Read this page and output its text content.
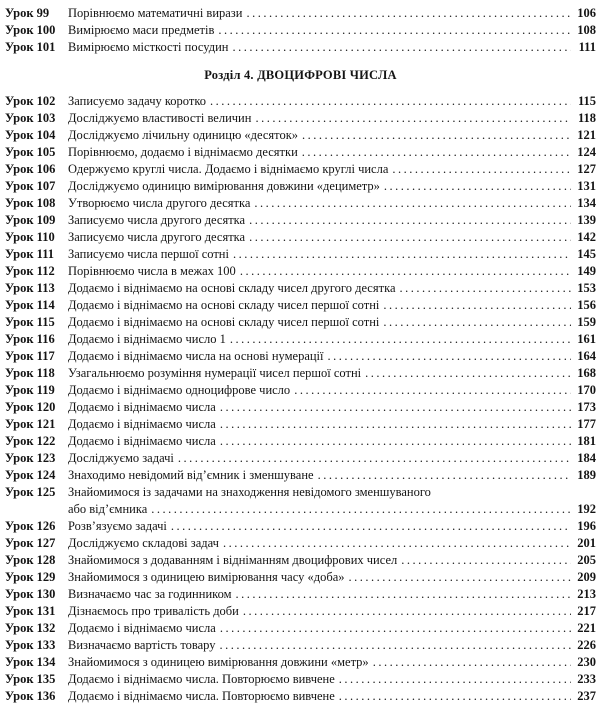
Урок 99	Порівнюємо математичні вирази .....	106
Урок 100	Вимірюємо маси предметів .....	108
Урок 101	Вимірюємо місткості посудин .....	111
Розділ 4. ДВОЦИФРОВІ ЧИСЛА
Урок 102	Записуємо задачу коротко .....	115
Урок 103	Досліджуємо властивості величин .....	118
Урок 104	Досліджуємо лічильну одиницю «десяток» .....	121
Урок 105	Порівнюємо, додаємо і віднімаємо десятки .....	124
Урок 106	Одержуємо круглі числа. Додаємо і віднімаємо круглі числа .....	127
Урок 107	Досліджуємо одиницю вимірювання довжини «дециметр» .....	131
Урок 108	Утворюємо числа другого десятка .....	134
Урок 109	Записуємо числа другого десятка .....	139
Урок 110	Записуємо числа другого десятка .....	142
Урок 111	Записуємо числа першої сотні .....	145
Урок 112	Порівнюємо числа в межах 100 .....	149
Урок 113	Додаємо і віднімаємо на основі складу чисел другого десятка .....	153
Урок 114	Додаємо і віднімаємо на основі складу чисел першої сотні .....	156
Урок 115	Додаємо і віднімаємо на основі складу чисел першої сотні .....	159
Урок 116	Додаємо і віднімаємо число 1 .....	161
Урок 117	Додаємо і віднімаємо числа на основі нумерації .....	164
Урок 118	Узагальнюємо розуміння нумерації чисел першої сотні .....	168
Урок 119	Додаємо і віднімаємо одноцифрове число .....	170
Урок 120	Додаємо і віднімаємо числа .....	173
Урок 121	Додаємо і віднімаємо числа .....	177
Урок 122	Додаємо і віднімаємо числа .....	181
Урок 123	Досліджуємо задачі .....	184
Урок 124	Знаходимо невідомий від’ємник і зменшуване .....	189
Урок 125	Знайомимося із задачами на знаходження невідомого зменшуваного
або від’ємника .....	192
Урок 126	Розв’язуємо задачі .....	196
Урок 127	Досліджуємо складові задач .....	201
Урок 128	Знайомимося з додаванням і відніманням двоцифрових чисел .....	205
Урок 129	Знайомимося з одиницею вимірювання часу «доба» .....	209
Урок 130	Визначаємо час за годинником .....	213
Урок 131	Дізнаємось про тривалість доби .....	217
Урок 132	Додаємо і віднімаємо числа .....	221
Урок 133	Визначаємо вартість товару .....	226
Урок 134	Знайомимося з одиницею вимірювання довжини «метр» .....	230
Урок 135	Додаємо і віднімаємо числа. Повторюємо вивчене .....	233
Урок 136	Додаємо і віднімаємо числа. Повторюємо вивчене .....	237
